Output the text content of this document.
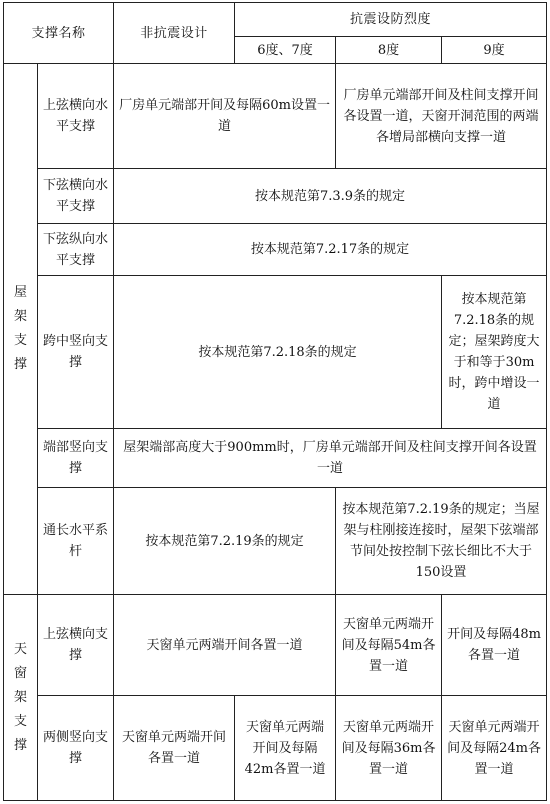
支撑名称		非抗震设计	抗震设防烈度		
			6度、7度	8度	9度
屋架支撑	上弦横向水平支撑	厂房单元端部开间及每隔60m设置一道		厂房单元端部开间及柱间支撑开间各设置一道，天窗开洞范围的两端各增局部横向支撑一道	
	下弦横向水平支撑	按本规范第7.3.9条的规定			
	下弦纵向水平支撑	按本规范第7.2.17条的规定			
	跨中竖向支撑	按本规范第7.2.18条的规定			按本规范第7.2.18条的规定；屋架跨度大于和等于30m时，跨中增设一道
	端部竖向支撑	屋架端部高度大于900mm时，厂房单元端部开间及柱间支撑开间各设置一道			
	通长水平系杆	按本规范第7.2.19条的规定		按本规范第7.2.19条的规定；当屋架与柱刚接连接时，屋架下弦端部节间处按控制下弦长细比不大于150设置	
天窗架支撑	上弦横向支撑	天窗单元两端开间各置一道		天窗单元两端开间及每隔54m各置一道	开间及每隔48m各置一道
	两侧竖向支撑	天窗单元两端开间各置一道	天窗单元两端开间及每隔42m各置一道	天窗单元两端开间及每隔36m各置一道	天窗单元两端开间及每隔24m各置一道
